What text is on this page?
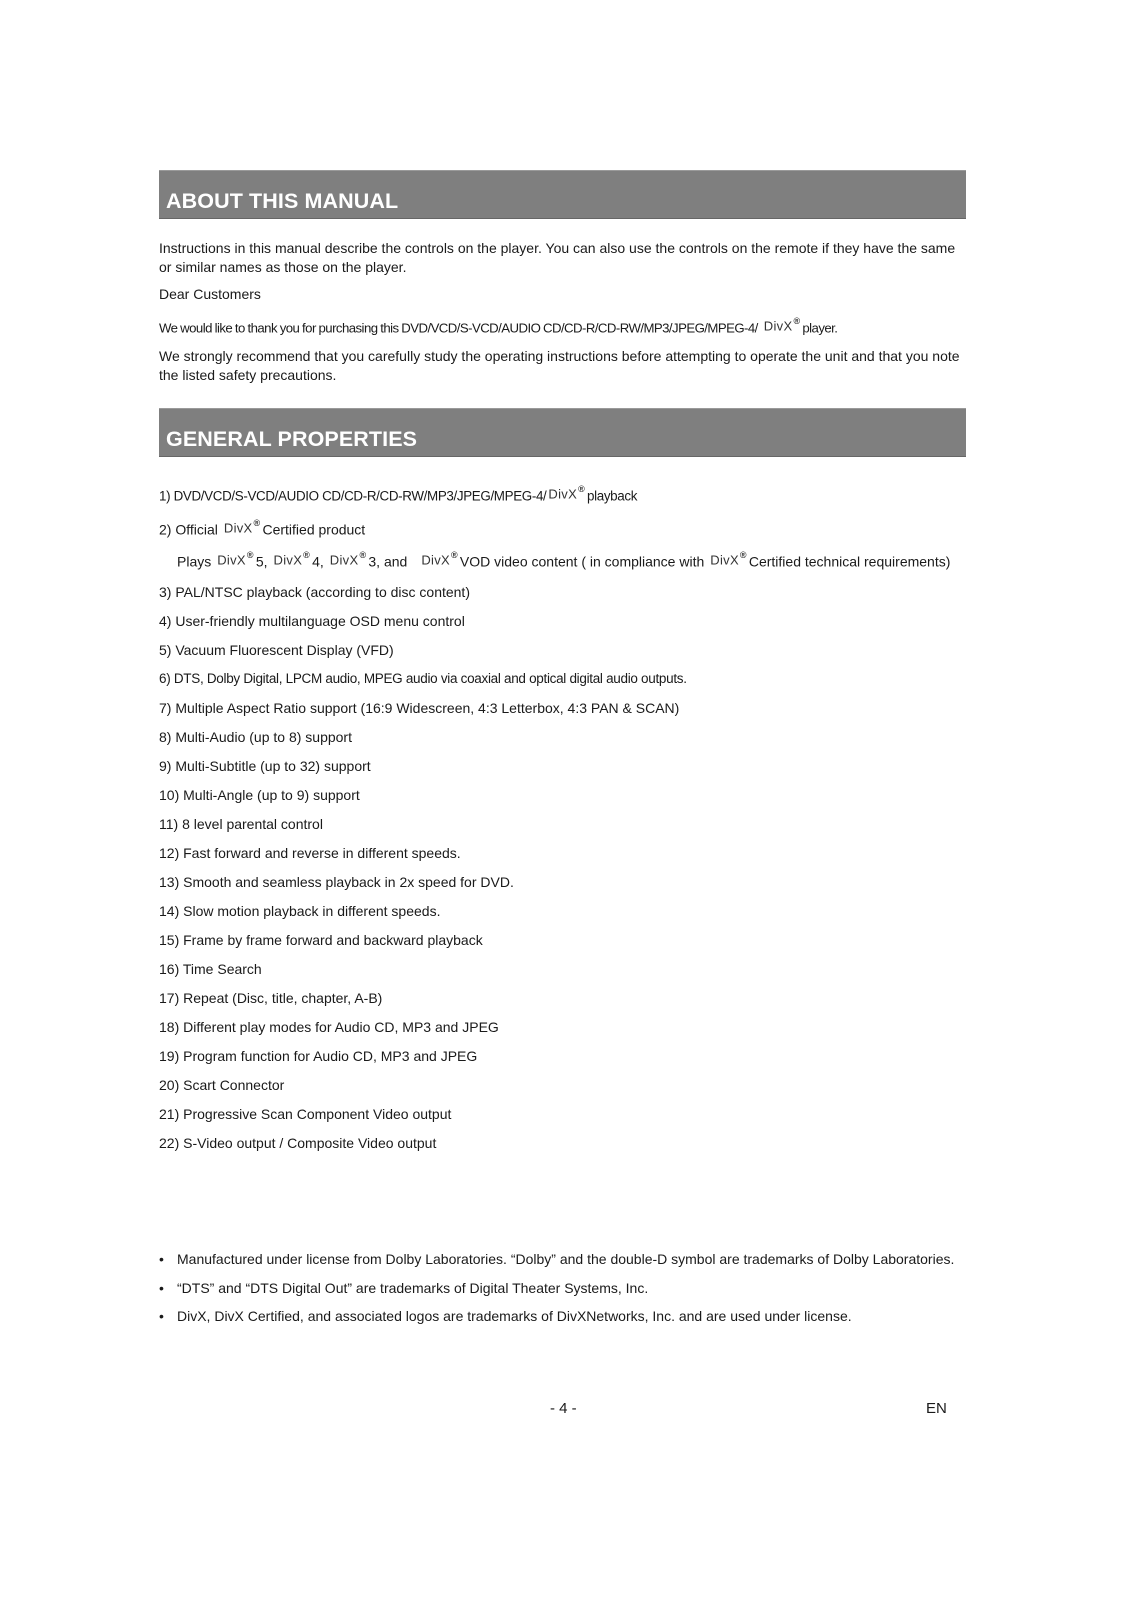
ABOUT THIS MANUAL

Instructions in this manual describe the controls on the player. You can also use the controls on the remote if they have the same or similar names as those on the player.

Dear Customers

We would like to thank you for purchasing this DVD/VCD/S-VCD/AUDIO CD/CD-R/CD-RW/MP3/JPEG/MPEG-4/ DivX® player.

We strongly recommend that you carefully study the operating instructions before attempting to operate the unit and that you note the listed safety precautions.

GENERAL PROPERTIES
1) DVD/VCD/S-VCD/AUDIO CD/CD-R/CD-RW/MP3/JPEG/MPEG-4/ DivX® playback
2) Official DivX® Certified product
Plays DivX® 5, DivX® 4, DivX® 3, and DivX® VOD video content ( in compliance with DivX® Certified technical requirements)
3) PAL/NTSC playback (according to disc content)
4) User-friendly multilanguage OSD menu control
5) Vacuum Fluorescent Display (VFD)
6) DTS, Dolby Digital, LPCM audio, MPEG audio via coaxial and optical digital audio outputs.
7) Multiple Aspect Ratio support (16:9 Widescreen, 4:3 Letterbox, 4:3 PAN & SCAN)
8) Multi-Audio (up to 8) support
9) Multi-Subtitle (up to 32) support
10) Multi-Angle (up to 9) support
11) 8 level parental control
12) Fast forward and reverse in different speeds.
13) Smooth and seamless playback in 2x speed for DVD.
14) Slow motion playback in different speeds.
15) Frame by frame forward and backward playback
16) Time Search
17) Repeat (Disc, title, chapter, A-B)
18) Different play modes for Audio CD, MP3 and JPEG
19) Program function for Audio CD, MP3 and JPEG
20) Scart Connector
21) Progressive Scan Component Video output
22) S-Video output / Composite Video output
• Manufactured under license from Dolby Laboratories. “Dolby” and the double-D symbol are trademarks of Dolby Laboratories.
• “DTS” and “DTS Digital Out” are trademarks of Digital Theater Systems, Inc.
• DivX, DivX Certified, and associated logos are trademarks of DivXNetworks, Inc. and are used under license.
- 4 -	EN
